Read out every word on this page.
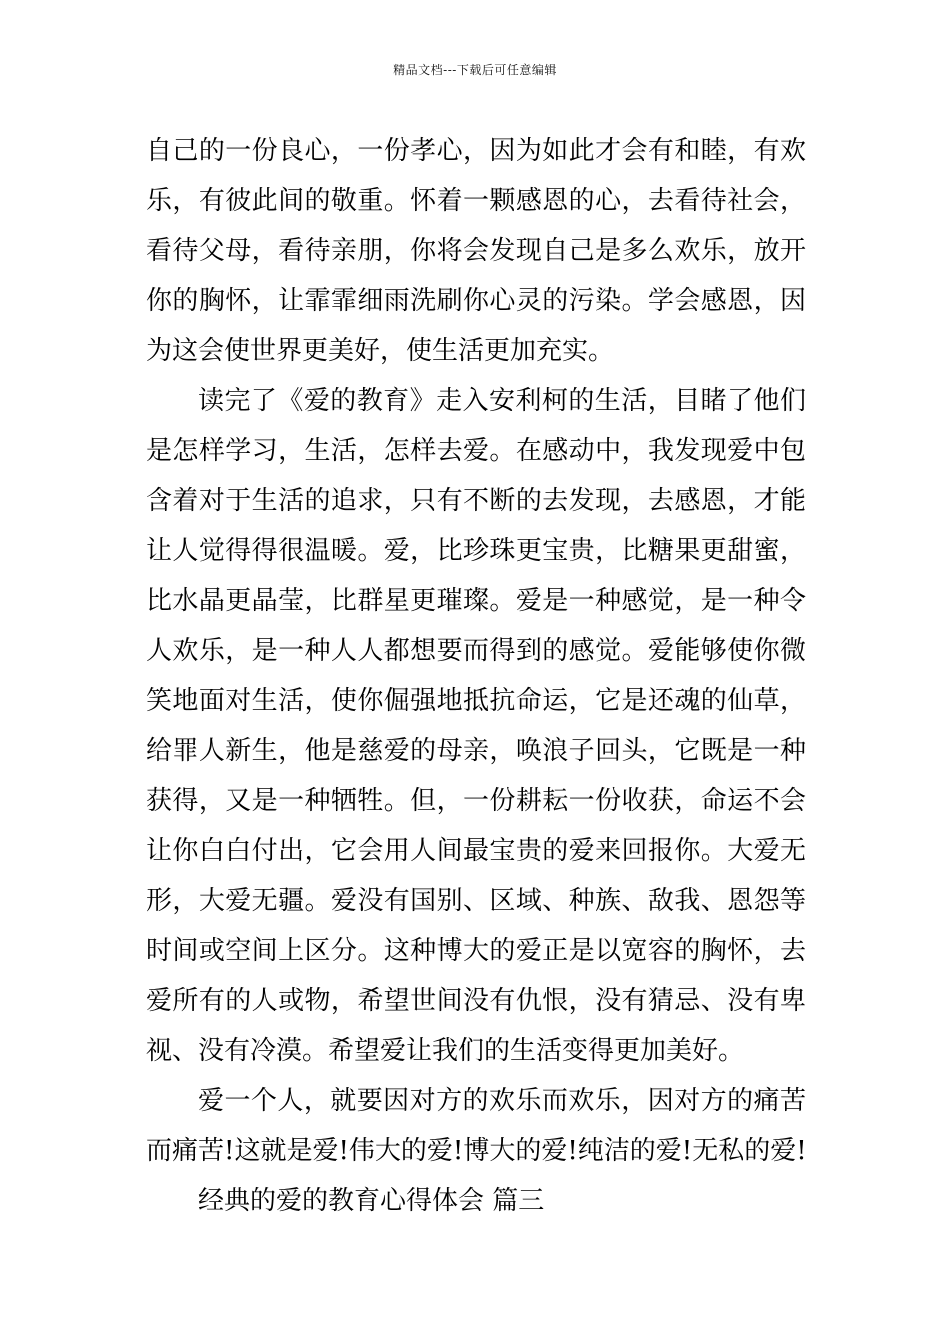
精品文档---下载后可任意编辑
自己的一份良心，一份孝心，因为如此才会有和睦，有欢
乐，有彼此间的敬重。怀着一颗感恩的心，去看待社会，
看待父母，看待亲朋，你将会发现自己是多么欢乐，放开
你的胸怀，让霏霏细雨洗刷你心灵的污染。学会感恩，因
为这会使世界更美好，使生活更加充实。
读完了《爱的教育》走入安利柯的生活，目睹了他们
是怎样学习，生活，怎样去爱。在感动中，我发现爱中包
含着对于生活的追求，只有不断的去发现，去感恩，才能
让人觉得得很温暖。爱，比珍珠更宝贵，比糖果更甜蜜，
比水晶更晶莹，比群星更璀璨。爱是一种感觉，是一种令
人欢乐，是一种人人都想要而得到的感觉。爱能够使你微
笑地面对生活，使你倔强地抵抗命运，它是还魂的仙草，
给罪人新生，他是慈爱的母亲，唤浪子回头，它既是一种
获得，又是一种牺牲。但，一份耕耘一份收获，命运不会
让你白白付出，它会用人间最宝贵的爱来回报你。大爱无
形，大爱无疆。爱没有国别、区域、种族、敌我、恩怨等
时间或空间上区分。这种博大的爱正是以宽容的胸怀，去
爱所有的人或物，希望世间没有仇恨，没有猜忌、没有卑
视、没有冷漠。希望爱让我们的生活变得更加美好。
爱一个人，就要因对方的欢乐而欢乐，因对方的痛苦
而痛苦!这就是爱!伟大的爱!博大的爱!纯洁的爱!无私的爱!
经典的爱的教育心得体会 篇三
